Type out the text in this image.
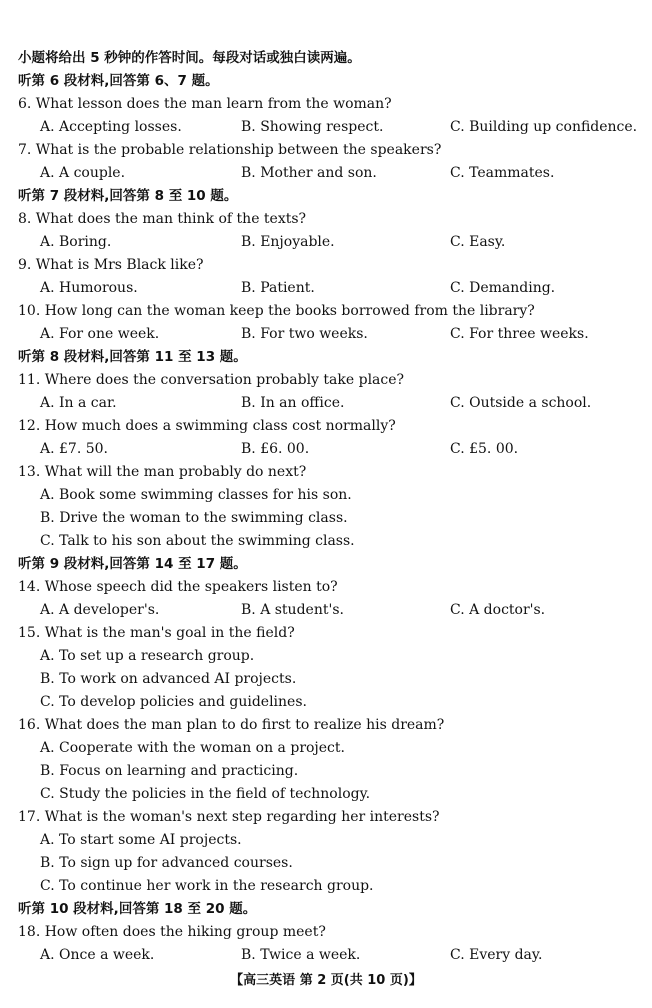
小题将给出 5 秒钟的作答时间。每段对话或独白读两遍。
听第 6 段材料,回答第 6、7 题。
6. What lesson does the man learn from the woman?
A. Accepting losses.	B. Showing respect.	C. Building up confidence.
7. What is the probable relationship between the speakers?
A. A couple.	B. Mother and son.	C. Teammates.
听第 7 段材料,回答第 8 至 10 题。
8. What does the man think of the texts?
A. Boring.	B. Enjoyable.	C. Easy.
9. What is Mrs Black like?
A. Humorous.	B. Patient.	C. Demanding.
10. How long can the woman keep the books borrowed from the library?
A. For one week.	B. For two weeks.	C. For three weeks.
听第 8 段材料,回答第 11 至 13 题。
11. Where does the conversation probably take place?
A. In a car.	B. In an office.	C. Outside a school.
12. How much does a swimming class cost normally?
A. £7. 50.	B. £6. 00.	C. £5. 00.
13. What will the man probably do next?
A. Book some swimming classes for his son.
B. Drive the woman to the swimming class.
C. Talk to his son about the swimming class.
听第 9 段材料,回答第 14 至 17 题。
14. Whose speech did the speakers listen to?
A. A developer's.	B. A student's.	C. A doctor's.
15. What is the man's goal in the field?
A. To set up a research group.
B. To work on advanced AI projects.
C. To develop policies and guidelines.
16. What does the man plan to do first to realize his dream?
A. Cooperate with the woman on a project.
B. Focus on learning and practicing.
C. Study the policies in the field of technology.
17. What is the woman's next step regarding her interests?
A. To start some AI projects.
B. To sign up for advanced courses.
C. To continue her work in the research group.
听第 10 段材料,回答第 18 至 20 题。
18. How often does the hiking group meet?
A. Once a week.	B. Twice a week.	C. Every day.
【高三英语 第 2 页(共 10 页)】
